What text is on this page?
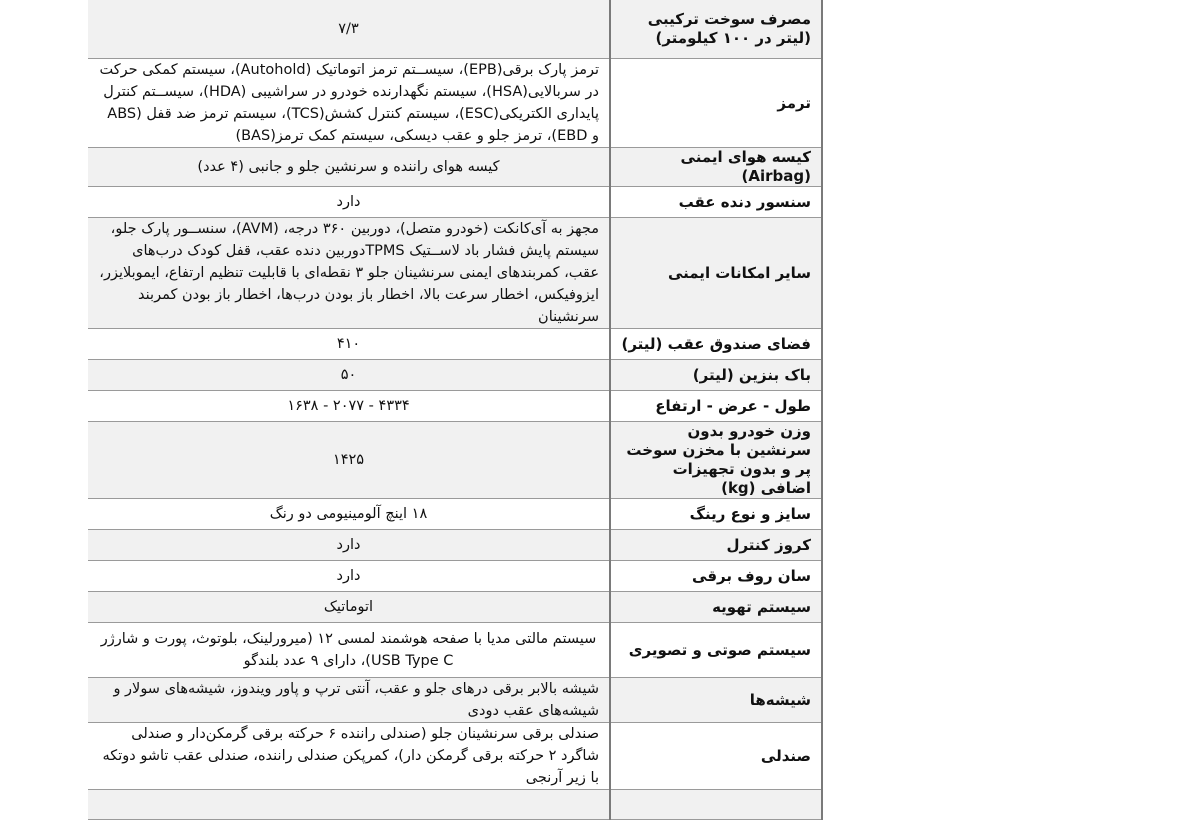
مصرف سوخت ترکیبی
(لیتر در ۱۰۰ کیلومتر)	۷/۳
ترمز	ترمز پارک برقی(EPB)، سیســتم ترمز اتوماتیک (Autohold)، سیستم کمکی حرکت در سربالایی(HSA)، سیستم نگهدارنده خودرو در سراشیبی (HDA)، سیســتم کنترل پایداری الکتریکی(ESC)، سیستم کنترل کشش(TCS)، سیستم ترمز ضد قفل (ABS و EBD)، ترمز جلو و عقب دیسکی، سیستم کمک ترمز(BAS)
کیسه هوای ایمنی (Airbag)	کیسه هوای راننده و سرنشین جلو و جانبی (۴ عدد)
سنسور دنده عقب	دارد
سایر امکانات ایمنی	مجهز به آی‌کانکت (خودرو متصل)، دوربین ۳۶۰ درجه، (AVM)، سنســور پارک جلو، سیستم پایش فشار باد لاســتیک TPMSدوربین دنده عقب، قفل کودک درب‌های عقب، کمربندهای ایمنی سرنشینان جلو ۳ نقطه‌ای با قابلیت تنظیم ارتفاع، ایموبلایزر، ایزوفیکس، اخطار سرعت بالا، اخطار باز بودن درب‌ها، اخطار باز بودن کمربند سرنشینان
فضای صندوق عقب (لیتر)	۴۱۰
باک بنزین (لیتر)	۵۰
طول - عرض - ارتفاع	۴۳۳۴ - ۲۰۷۷ - ۱۶۳۸
وزن خودرو بدون سرنشین با مخزن سوخت پر و بدون تجهیزات اضافی (kg)	۱۴۲۵
سایز و نوع رینگ	۱۸ اینچ آلومینیومی دو رنگ
کروز کنترل	دارد
سان روف برقی	دارد
سیستم تهویه	اتوماتیک
سیستم صوتی و تصویری	سیستم مالتی مدیا با صفحه هوشمند لمسی ۱۲ (میرورلینک، بلوتوث، پورت و شارژر USB Type C)، دارای ۹ عدد بلندگو
شیشه‌ها	شیشه بالابر برقی درهای جلو و عقب، آنتی ترپ و پاور ویندوز، شیشه‌های سولار و شیشه‌های عقب دودی
صندلی	صندلی برقی سرنشینان جلو (صندلی راننده ۶ حرکته برقی گرمکن‌دار و صندلی شاگرد ۲ حرکته برقی گرمکن دار)، کمرپکن صندلی راننده، صندلی عقب تاشو دوتکه با زیر آرنجی
